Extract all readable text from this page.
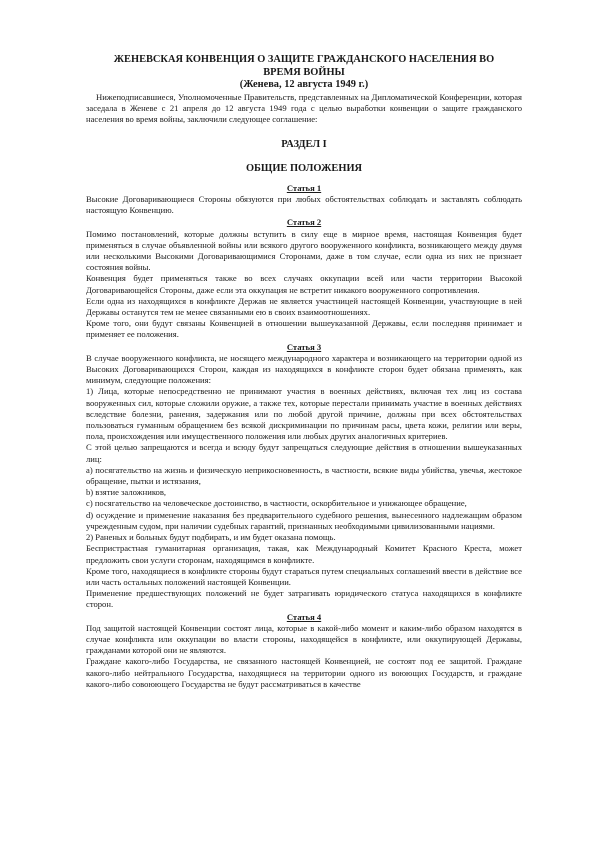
ЖЕНЕВСКАЯ КОНВЕНЦИЯ О ЗАЩИТЕ ГРАЖДАНСКОГО НАСЕЛЕНИЯ ВО ВРЕМЯ ВОЙНЫ
(Женева, 12 августа 1949 г.)

Нижеподписавшиеся, Уполномоченные Правительств, представленных на Дипломатической Конференции, которая заседала в Женеве с 21 апреля до 12 августа 1949 года с целью выработки конвенции о защите гражданского населения во время войны, заключили следующее соглашение:

РАЗДЕЛ I
ОБЩИЕ ПОЛОЖЕНИЯ
Статья 1

Высокие Договаривающиеся Стороны обязуются при любых обстоятельствах соблюдать и заставлять соблюдать настоящую Конвенцию.

Статья 2

Помимо постановлений, которые должны вступить в силу еще в мирное время, настоящая Конвенция будет применяться в случае объявленной войны или всякого другого вооруженного конфликта, возникающего между двумя или несколькими Высокими Договаривающимися Сторонами, даже в том случае, если одна из них не признает состояния войны.

Конвенция будет применяться также во всех случаях оккупации всей или части территории Высокой Договаривающейся Стороны, даже если эта оккупация не встретит никакого вооруженного сопротивления.

Если одна из находящихся в конфликте Держав не является участницей настоящей Конвенции, участвующие в ней Державы останутся тем не менее связанными ею в своих взаимоотношениях.

Кроме того, они будут связаны Конвенцией в отношении вышеуказанной Державы, если последняя принимает и применяет ее положения.

Статья 3

В случае вооруженного конфликта, не носящего международного характера и возникающего на территории одной из Высоких Договаривающихся Сторон, каждая из находящихся в конфликте сторон будет обязана применять, как минимум, следующие положения:

1) Лица, которые непосредственно не принимают участия в военных действиях, включая тех лиц из состава вооруженных сил, которые сложили оружие, а также тех, которые перестали принимать участие в военных действиях вследствие болезни, ранения, задержания или по любой другой причине, должны при всех обстоятельствах пользоваться гуманным обращением без всякой дискриминации по причинам расы, цвета кожи, религии или веры, пола, происхождения или имущественного положения или любых других аналогичных критериев.

С этой целью запрещаются и всегда и всюду будут запрещаться следующие действия в отношении вышеуказанных лиц:

a) посягательство на жизнь и физическую неприкосновенность, в частности, всякие виды убийства, увечья, жестокое обращение, пытки и истязания,

b) взятие заложников,

c) посягательство на человеческое достоинство, в частности, оскорбительное и унижающее обращение,

d) осуждение и применение наказания без предварительного судебного решения, вынесенного надлежащим образом учрежденным судом, при наличии судебных гарантий, признанных необходимыми цивилизованными нациями.

2) Раненых и больных будут подбирать, и им будет оказана помощь.

Беспристрастная гуманитарная организация, такая, как Международный Комитет Красного Креста, может предложить свои услуги сторонам, находящимся в конфликте.

Кроме того, находящиеся в конфликте стороны будут стараться путем специальных соглашений ввести в действие все или часть остальных положений настоящей Конвенции.

Применение предшествующих положений не будет затрагивать юридического статуса находящихся в конфликте сторон.

Статья 4

Под защитой настоящей Конвенции состоят лица, которые в какой-либо момент и каким-либо образом находятся в случае конфликта или оккупации во власти стороны, находящейся в конфликте, или оккупирующей Державы, гражданами которой они не являются.

Граждане какого-либо Государства, не связанного настоящей Конвенцией, не состоят под ее защитой. Граждане какого-либо нейтрального Государства, находящиеся на территории одного из воюющих Государств, и граждане какого-либо совоюющего Государства не будут рассматриваться в качестве
